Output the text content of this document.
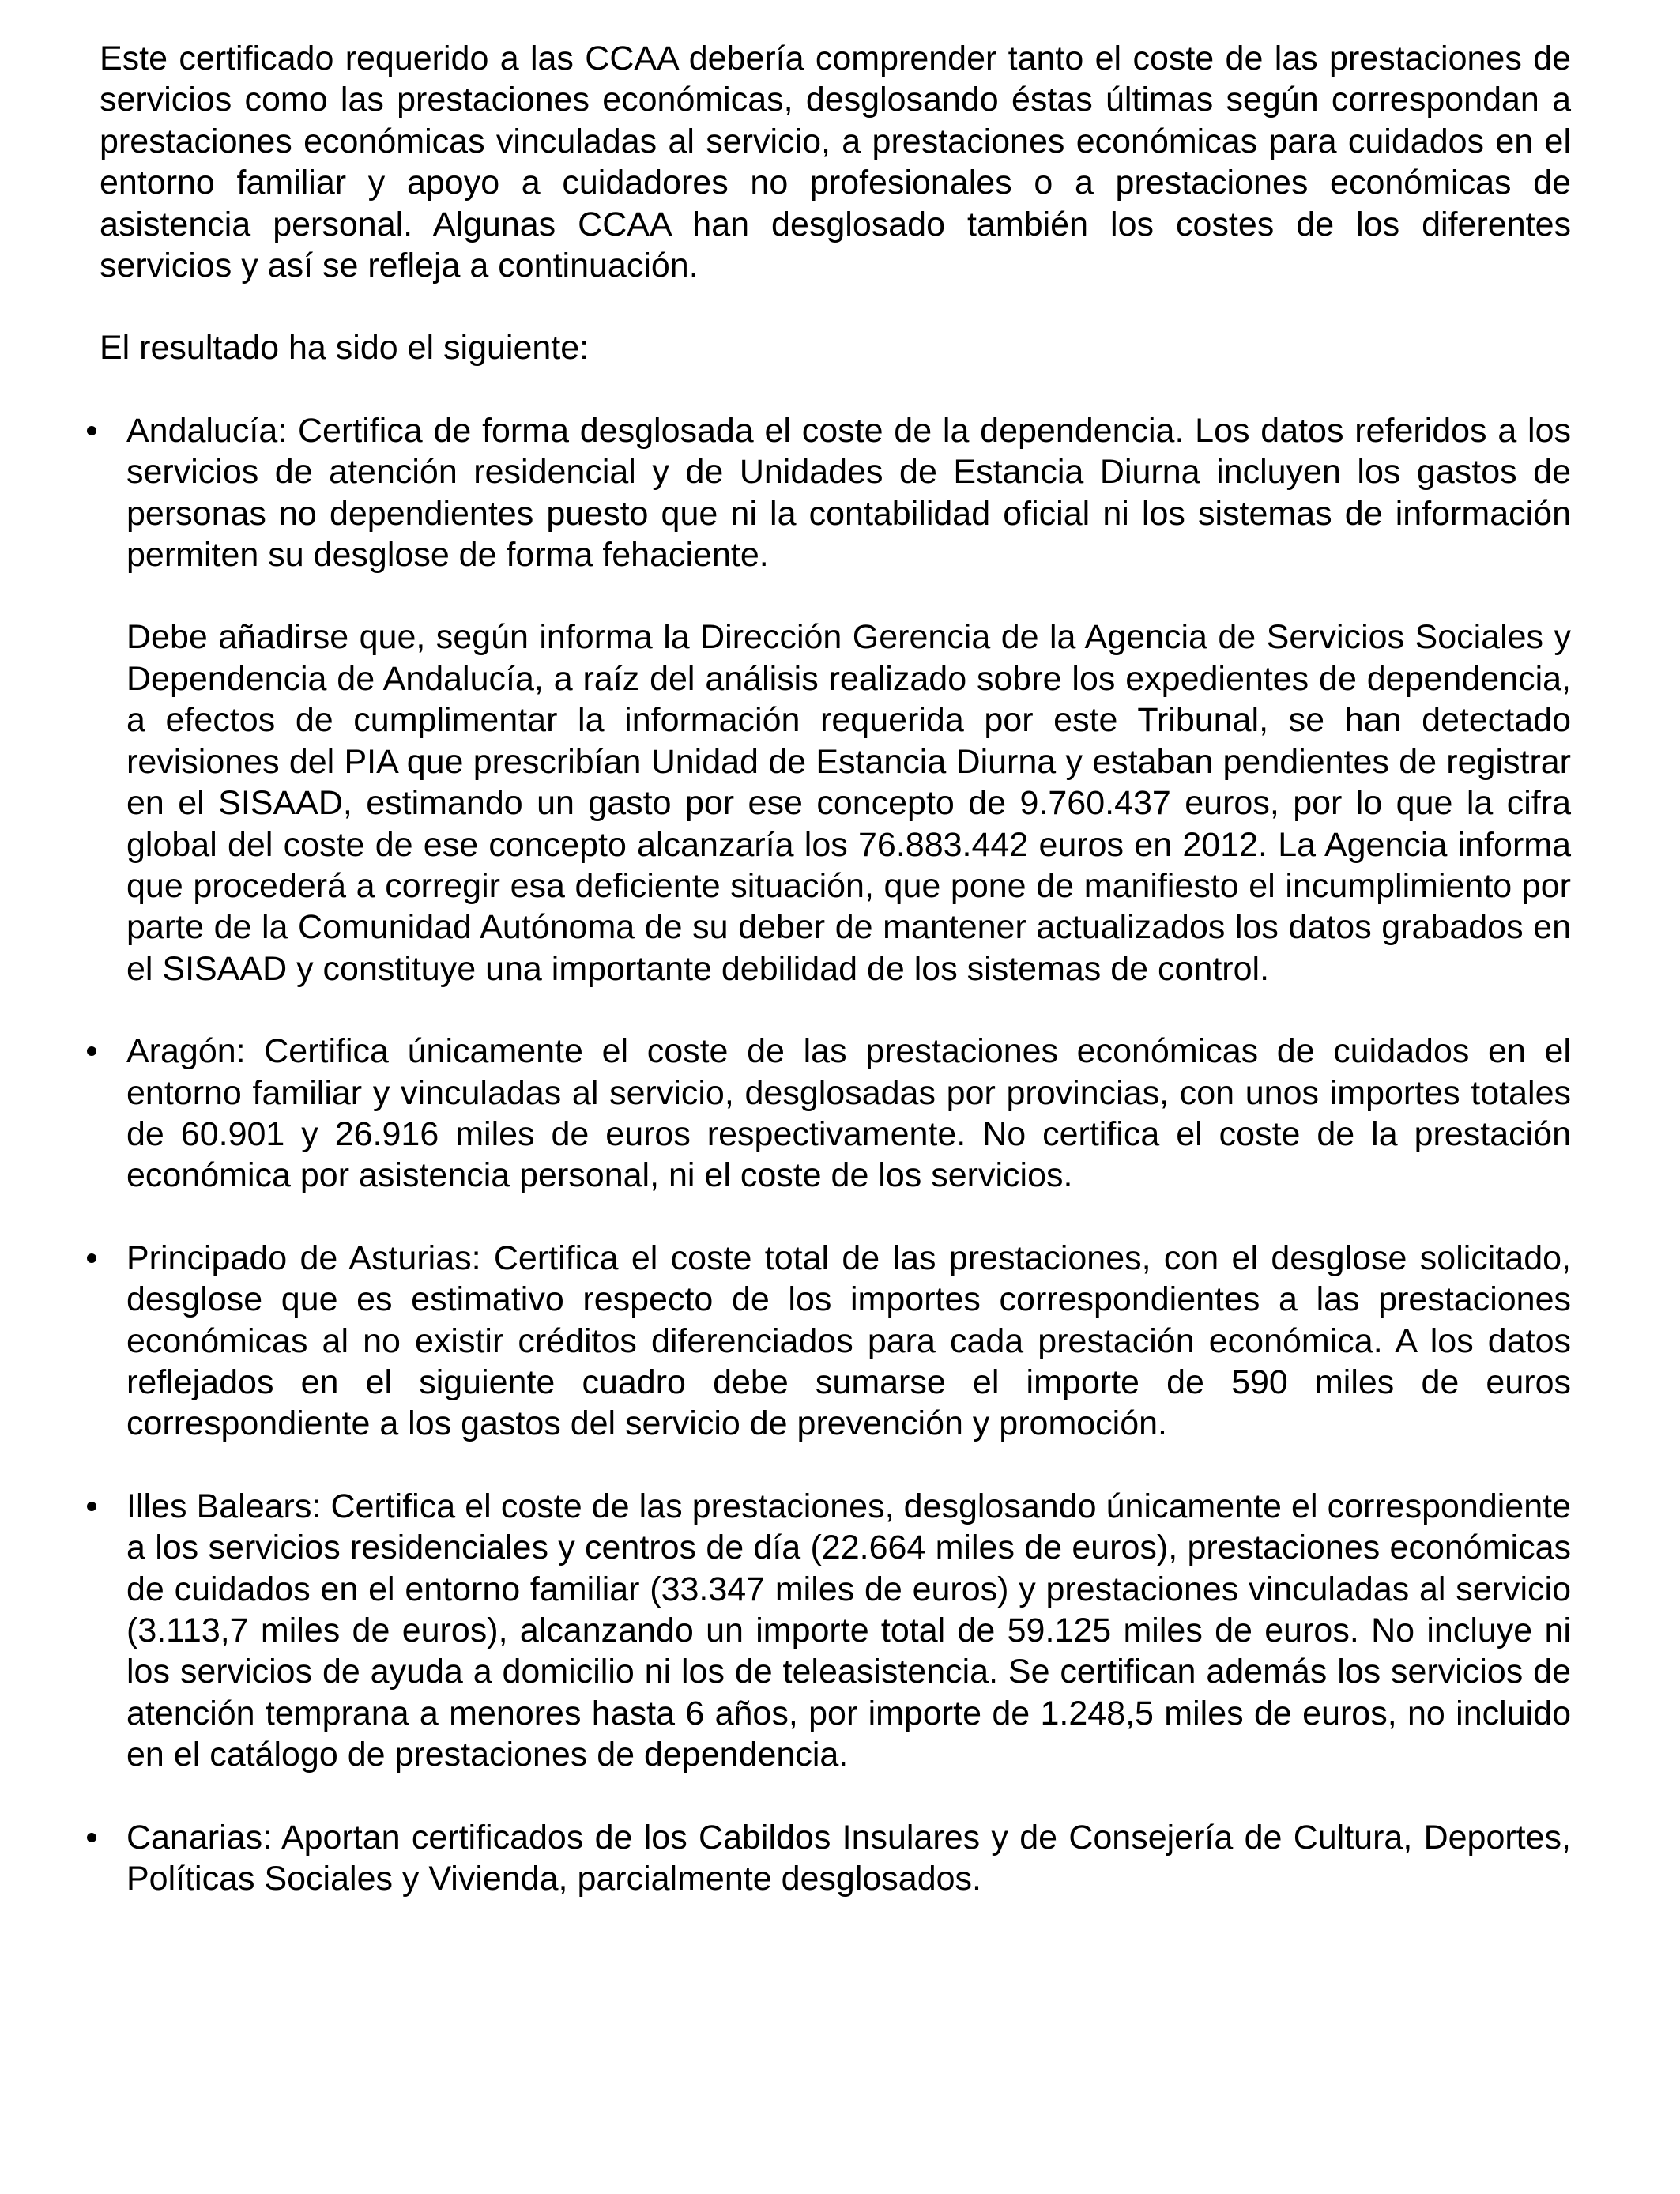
Este certificado requerido a las CCAA debería comprender tanto el coste de las prestaciones de servicios como las prestaciones económicas, desglosando éstas últimas según correspondan a prestaciones económicas vinculadas al servicio, a prestaciones económicas para cuidados en el entorno familiar y apoyo a cuidadores no profesionales o a prestaciones económicas de asistencia personal. Algunas CCAA han desglosado también los costes de los diferentes servicios y así se refleja a continuación.

El resultado ha sido el siguiente:

Andalucía: Certifica de forma desglosada el coste de la dependencia. Los datos referidos a los servicios de atención residencial y de Unidades de Estancia Diurna incluyen los gastos de personas no dependientes puesto que ni la contabilidad oficial ni los sistemas de información permiten su desglose de forma fehaciente.

Debe añadirse que, según informa la Dirección Gerencia de la Agencia de Servicios Sociales y Dependencia de Andalucía, a raíz del análisis realizado sobre los expedientes de dependencia, a efectos de cumplimentar la información requerida por este Tribunal, se han detectado revisiones del PIA que prescribían Unidad de Estancia Diurna y estaban pendientes de registrar en el SISAAD, estimando un gasto por ese concepto de 9.760.437 euros, por lo que la cifra global del coste de ese concepto alcanzaría los 76.883.442 euros en 2012. La Agencia informa que procederá a corregir esa deficiente situación, que pone de manifiesto el incumplimiento por parte de la Comunidad Autónoma de su deber de mantener actualizados los datos grabados en el SISAAD y constituye una importante debilidad de los sistemas de control.

Aragón: Certifica únicamente el coste de las prestaciones económicas de cuidados en el entorno familiar y vinculadas al servicio, desglosadas por provincias, con unos importes totales de 60.901 y 26.916 miles de euros respectivamente. No certifica el coste de la prestación económica por asistencia personal, ni el coste de los servicios.

Principado de Asturias: Certifica el coste total de las prestaciones, con el desglose solicitado, desglose que es estimativo respecto de los importes correspondientes a las prestaciones económicas al no existir créditos diferenciados para cada prestación económica. A los datos reflejados en el siguiente cuadro debe sumarse el importe de 590 miles de euros correspondiente a los gastos del servicio de prevención y promoción.

Illes Balears: Certifica el coste de las prestaciones, desglosando únicamente el correspondiente a los servicios residenciales y centros de día (22.664 miles de euros), prestaciones económicas de cuidados en el entorno familiar (33.347 miles de euros) y prestaciones vinculadas al servicio (3.113,7 miles de euros), alcanzando un importe total de 59.125 miles de euros. No incluye ni los servicios de ayuda a domicilio ni los de teleasistencia. Se certifican además los servicios de atención temprana a menores hasta 6 años, por importe de 1.248,5 miles de euros, no incluido en el catálogo de prestaciones de dependencia.

Canarias: Aportan certificados de los Cabildos Insulares y de Consejería de Cultura, Deportes, Políticas Sociales y Vivienda, parcialmente desglosados.
